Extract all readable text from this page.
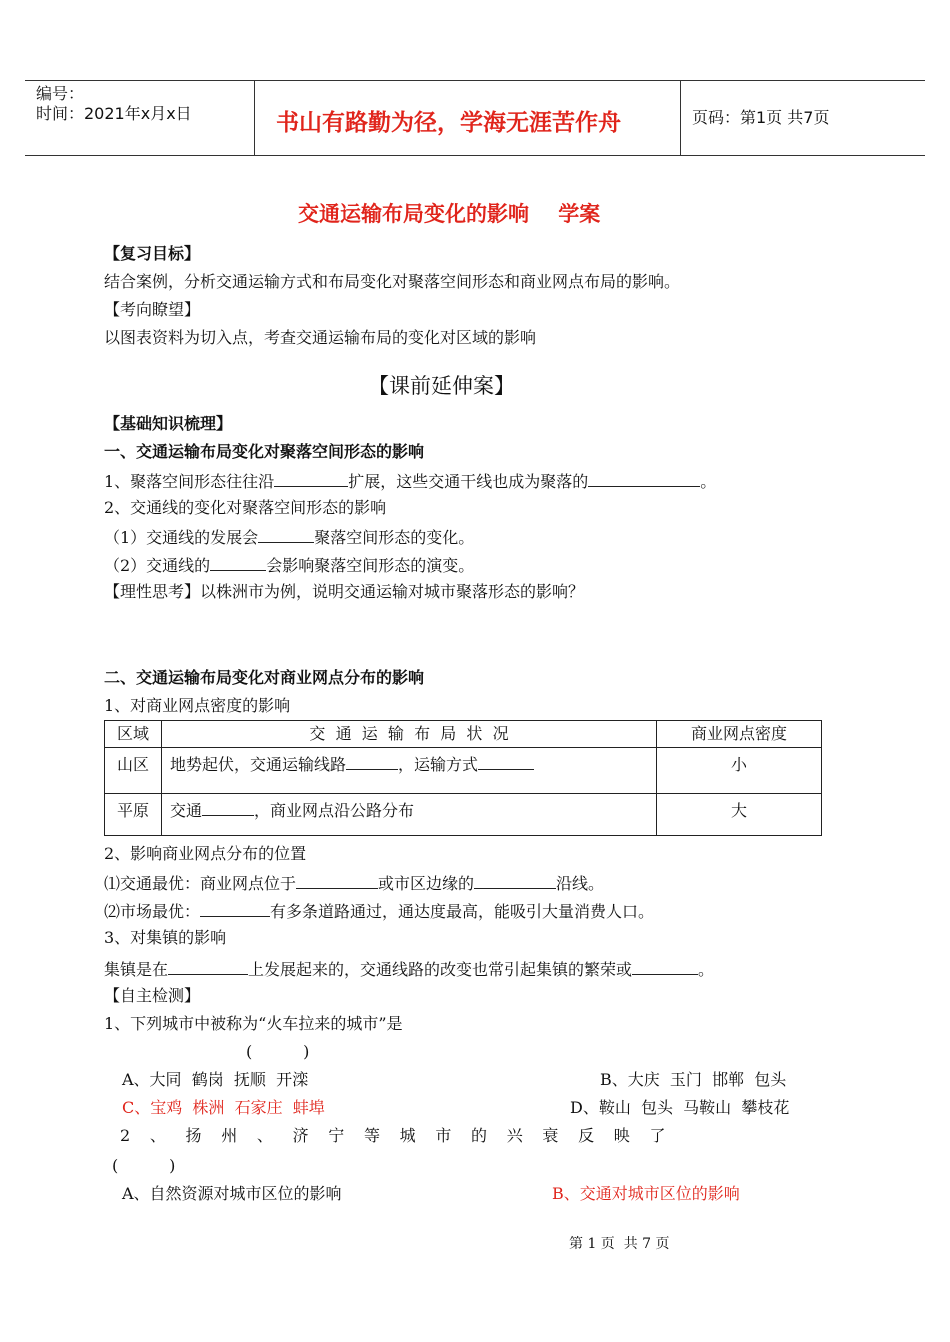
编号：
时间：2021年x月x日	书山有路勤为径，学海无涯苦作舟	页码：第1页 共7页
交通运输布局变化的影响    学案
【复习目标】
结合案例，分析交通运输方式和布局变化对聚落空间形态和商业网点布局的影响。
【考向瞭望】
以图表资料为切入点，考查交通运输布局的变化对区域的影响
【课前延伸案】
【基础知识梳理】
一、交通运输布局变化对聚落空间形态的影响
1、聚落空间形态往往沿	扩展，这些交通干线也成为聚落的	。
2、交通线的变化对聚落空间形态的影响
（1）交通线的发展会	聚落空间形态的变化。
（2）交通线的	会影响聚落空间形态的演变。
【理性思考】以株洲市为例，说明交通运输对城市聚落形态的影响？
二、交通运输布局变化对商业网点分布的影响
1、对商业网点密度的影响
区域	交  通  运  输  布  局  状  况	商业网点密度
山区	地势起伏，交通运输线路 ，运输方式	小
平原	交通 ，商业网点沿公路分布	大
2、影响商业网点分布的位置
⑴交通最优：商业网点位于	或市区边缘的	沿线。
⑵市场最优：	有多条道路通过，通达度最高，能吸引大量消费人口。
3、对集镇的影响
集镇是在	上发展起来的，交通线路的改变也常引起集镇的繁荣或	。
【自主检测】
1、下列城市中被称为“火车拉来的城市”是
(          )
A、大同  鹤岗  抚顺  开滦	B、大庆  玉门  邯郸  包头
C、宝鸡  株洲  石家庄  蚌埠	D、鞍山  包头  马鞍山  攀枝花
2 、 扬 州 、 济 宁 等 城 市 的 兴 衰 反 映 了
(          )
A、自然资源对城市区位的影响	B、交通对城市区位的影响
第 1 页  共 7 页
